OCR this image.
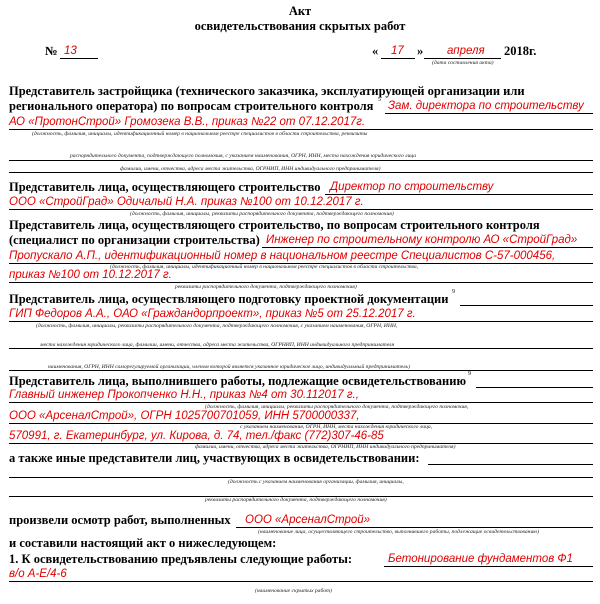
Акт
освидетельствования скрытых работ
№ 13	« 17 » апреля 2018г.
(дата составления акта)
Представитель застройщика (технического заказчика, эксплуатирующей организации или
регионального оператора) по вопросам строительного контроля 5 Зам. директора по строительству
АО «ПротонСтрой» Громозека В.В., приказ №22 от 07.12.2017г.
(должность, фамилия, инициалы, идентификационный номер в национальном реестре специалистов в области строительства, реквизиты
распорядительного документа, подтверждающего полномочия, с указанием наименования, ОГРН, ИНН, места нахождения юридического лица
фамилии, имени, отчества, адреса места жительства, ОГРНИП, ИНН индивидуального предпринимателя)
Представитель лица, осуществляющего строительство Директор по строительству
ООО «СтройГрад» Одичалый Н.А. приказ №100 от 10.12.2017 г.
(должность, фамилия, инициалы, реквизиты распорядительного документа, подтверждающего полномочия)
Представитель лица, осуществляющего строительство, по вопросам строительного контроля
(специалист по организации строительства) Инженер по строительному контролю АО «СтройГрад»
Пропускало А.П., идентификационный номер в национальном реестре Специалистов С-57-000456,
(должность, фамилия, инициалы, идентификационный номер в национальном реестре специалистов в области строительства,
приказ №100 от 10.12.2017 г.
реквизиты распорядительного документа, подтверждающего полномочия)
Представитель лица, осуществляющего подготовку проектной документации 9
ГИП Федоров А.А., ОАО «Граждандорпроект», приказ №5 от 25.12.2017 г.
(должность, фамилия, инициалы, реквизиты распорядительного документа, подтверждающего полномочия, с указанием наименования, ОГРН, ИНН,
места нахождения юридического лица, фамилии, имени, отчества, адреса места жительства, ОГРНИП, ИНН индивидуального предпринимателя
наименования, ОГРН, ИНН саморегулируемой организации, членом которой является указанное юридическое лицо, индивидуальный предприниматель)
Представитель лица, выполнившего работы, подлежащие освидетельствованию 9
Главный инженер Прокопченко Н.Н., приказ №4 от 30.112017 г.,
(должность, фамилия, инициалы, реквизиты распорядительного документа, подтверждающего полномочия,
ООО «АрсеналСтрой», ОГРН 1025700701059, ИНН 5700000337,
с указанием наименования, ОГРН, ИНН, места нахождения юридического лица,
570991, г. Екатеринбург, ул. Кирова, д. 74, тел./факс (772)307-46-85
фамилии, имени, отчества, адреса места жительства, ОГРНИП, ИНН индивидуального предпринимателя)
а также иные представители лиц, участвующих в освидетельствовании:
(должность с указанием наименования организации, фамилия, инициалы,
реквизиты распорядительного документа, подтверждающего полномочия)
произвели осмотр работ, выполненных ООО «АрсеналСтрой»
(наименование лица, осуществляющего строительство, выполнившего работы, подлежащие освидетельствованию)
и составили настоящий акт о нижеследующем:
1. К освидетельствованию предъявлены следующие работы:	Бетонирование фундаментов Ф1
в/о А-Е/4-6
(наименование скрытых работ)
